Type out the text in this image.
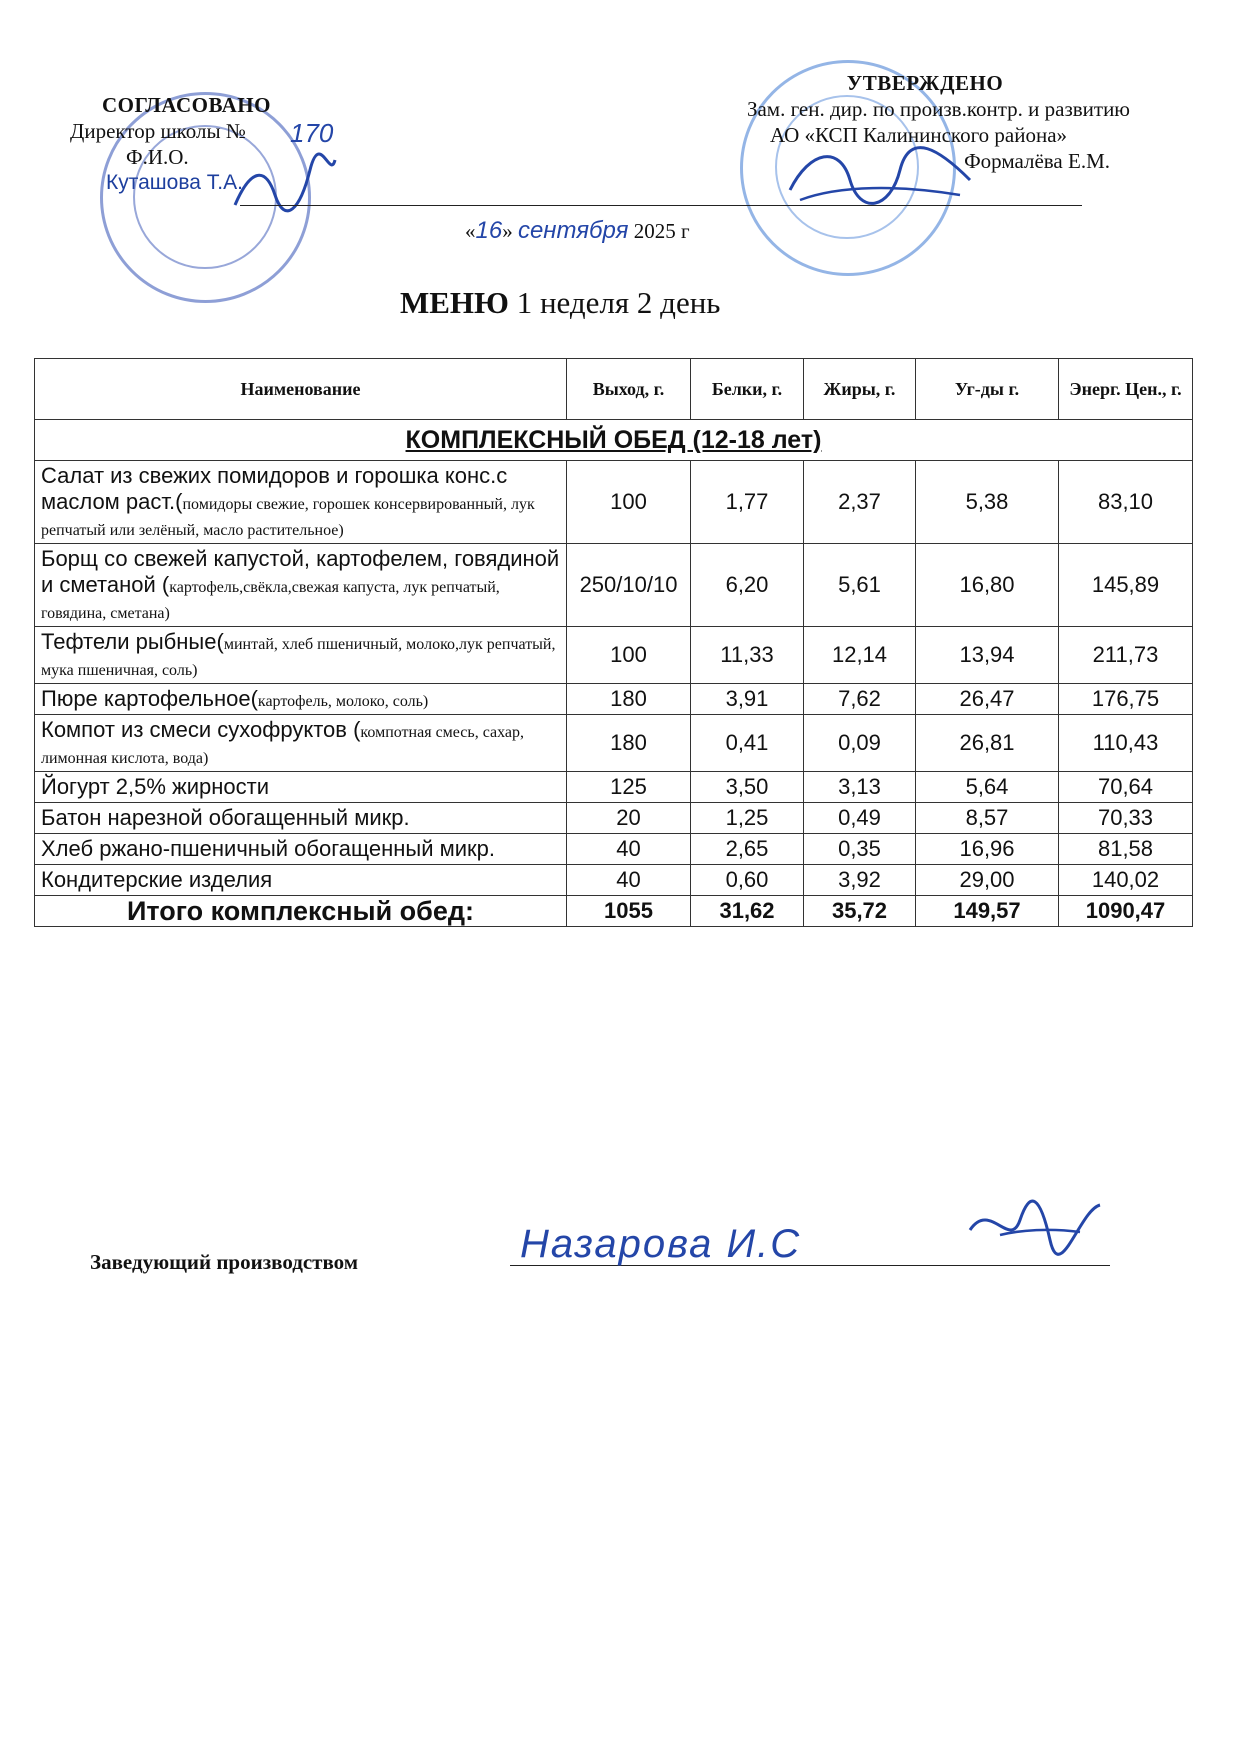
СОГЛАСОВАНО
Директор школы №
Ф.И.О.
Куташова Т.А.
170
УТВЕРЖДЕНО
Зам. ген. дир. по произв.контр. и развитию
АО «КСП Калининского района»
Формалёва Е.М.
«16» сентября 2025 г
МЕНЮ 1 неделя 2 день
Наименование	Выход, г.	Белки, г.	Жиры, г.	Уг-ды г.	Энерг. Цен., г.
КОМПЛЕКСНЫЙ ОБЕД (12-18 лет)					
Салат из свежих помидоров и горошка конс.с маслом раст.(помидоры свежие, горошек консервированный, лук репчатый или зелёный, масло растительное)	100	1,77	2,37	5,38	83,10
Борщ со свежей капустой, картофелем, говядиной и сметаной (картофель,свёкла,свежая капуста, лук репчатый, говядина, сметана)	250/10/10	6,20	5,61	16,80	145,89
Тефтели рыбные(минтай, хлеб пшеничный, молоко,лук репчатый, мука пшеничная, соль)	100	11,33	12,14	13,94	211,73
Пюре картофельное(картофель, молоко, соль)	180	3,91	7,62	26,47	176,75
Компот из смеси сухофруктов (компотная смесь, сахар, лимонная кислота, вода)	180	0,41	0,09	26,81	110,43
Йогурт 2,5% жирности	125	3,50	3,13	5,64	70,64
Батон нарезной обогащенный микр.	20	1,25	0,49	8,57	70,33
Хлеб ржано-пшеничный обогащенный микр.	40	2,65	0,35	16,96	81,58
Кондитерские изделия	40	0,60	3,92	29,00	140,02
Итого комплексный обед:	1055	31,62	35,72	149,57	1090,47
Заведующий производством	Назарова И.С
